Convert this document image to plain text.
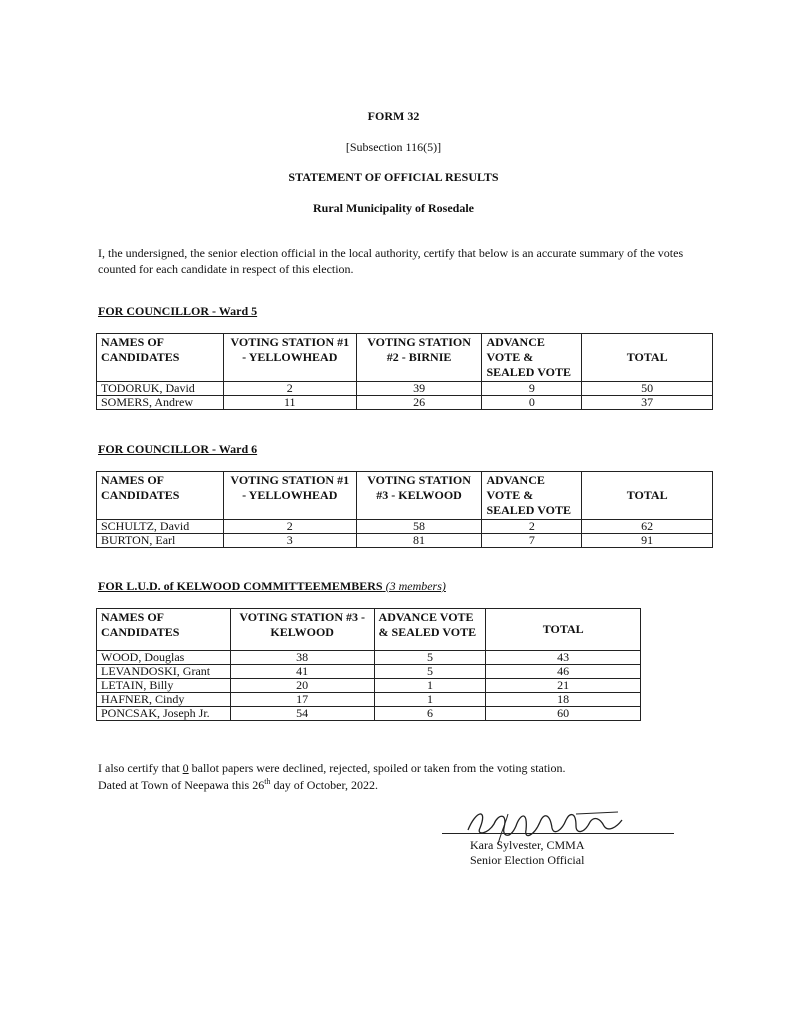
FORM 32
[Subsection 116(5)]
STATEMENT OF OFFICIAL RESULTS
Rural Municipality of Rosedale
I, the undersigned, the senior election official in the local authority, certify that below is an accurate summary of the votes counted for each candidate in respect of this election.
FOR COUNCILLOR - Ward 5
NAMES OF CANDIDATES	VOTING STATION #1 - YELLOWHEAD	VOTING STATION #2 - BIRNIE	ADVANCE VOTE & SEALED VOTE	TOTAL
TODORUK, David	2	39	9	50
SOMERS, Andrew	11	26	0	37
FOR COUNCILLOR - Ward 6
NAMES OF CANDIDATES	VOTING STATION #1 - YELLOWHEAD	VOTING STATION #3 - KELWOOD	ADVANCE VOTE & SEALED VOTE	TOTAL
SCHULTZ, David	2	58	2	62
BURTON, Earl	3	81	7	91
FOR L.U.D. of KELWOOD COMMITTEEMEMBERS (3 members)
NAMES OF CANDIDATES	VOTING STATION #3 - KELWOOD	ADVANCE VOTE & SEALED VOTE	TOTAL
WOOD, Douglas	38	5	43
LEVANDOSKI, Grant	41	5	46
LETAIN, Billy	20	1	21
HAFNER, Cindy	17	1	18
PONCSAK, Joseph Jr.	54	6	60
I also certify that 0 ballot papers were declined, rejected, spoiled or taken from the voting station.
Dated at Town of Neepawa this 26th day of October, 2022.
Kara Sylvester, CMMA
Senior Election Official
